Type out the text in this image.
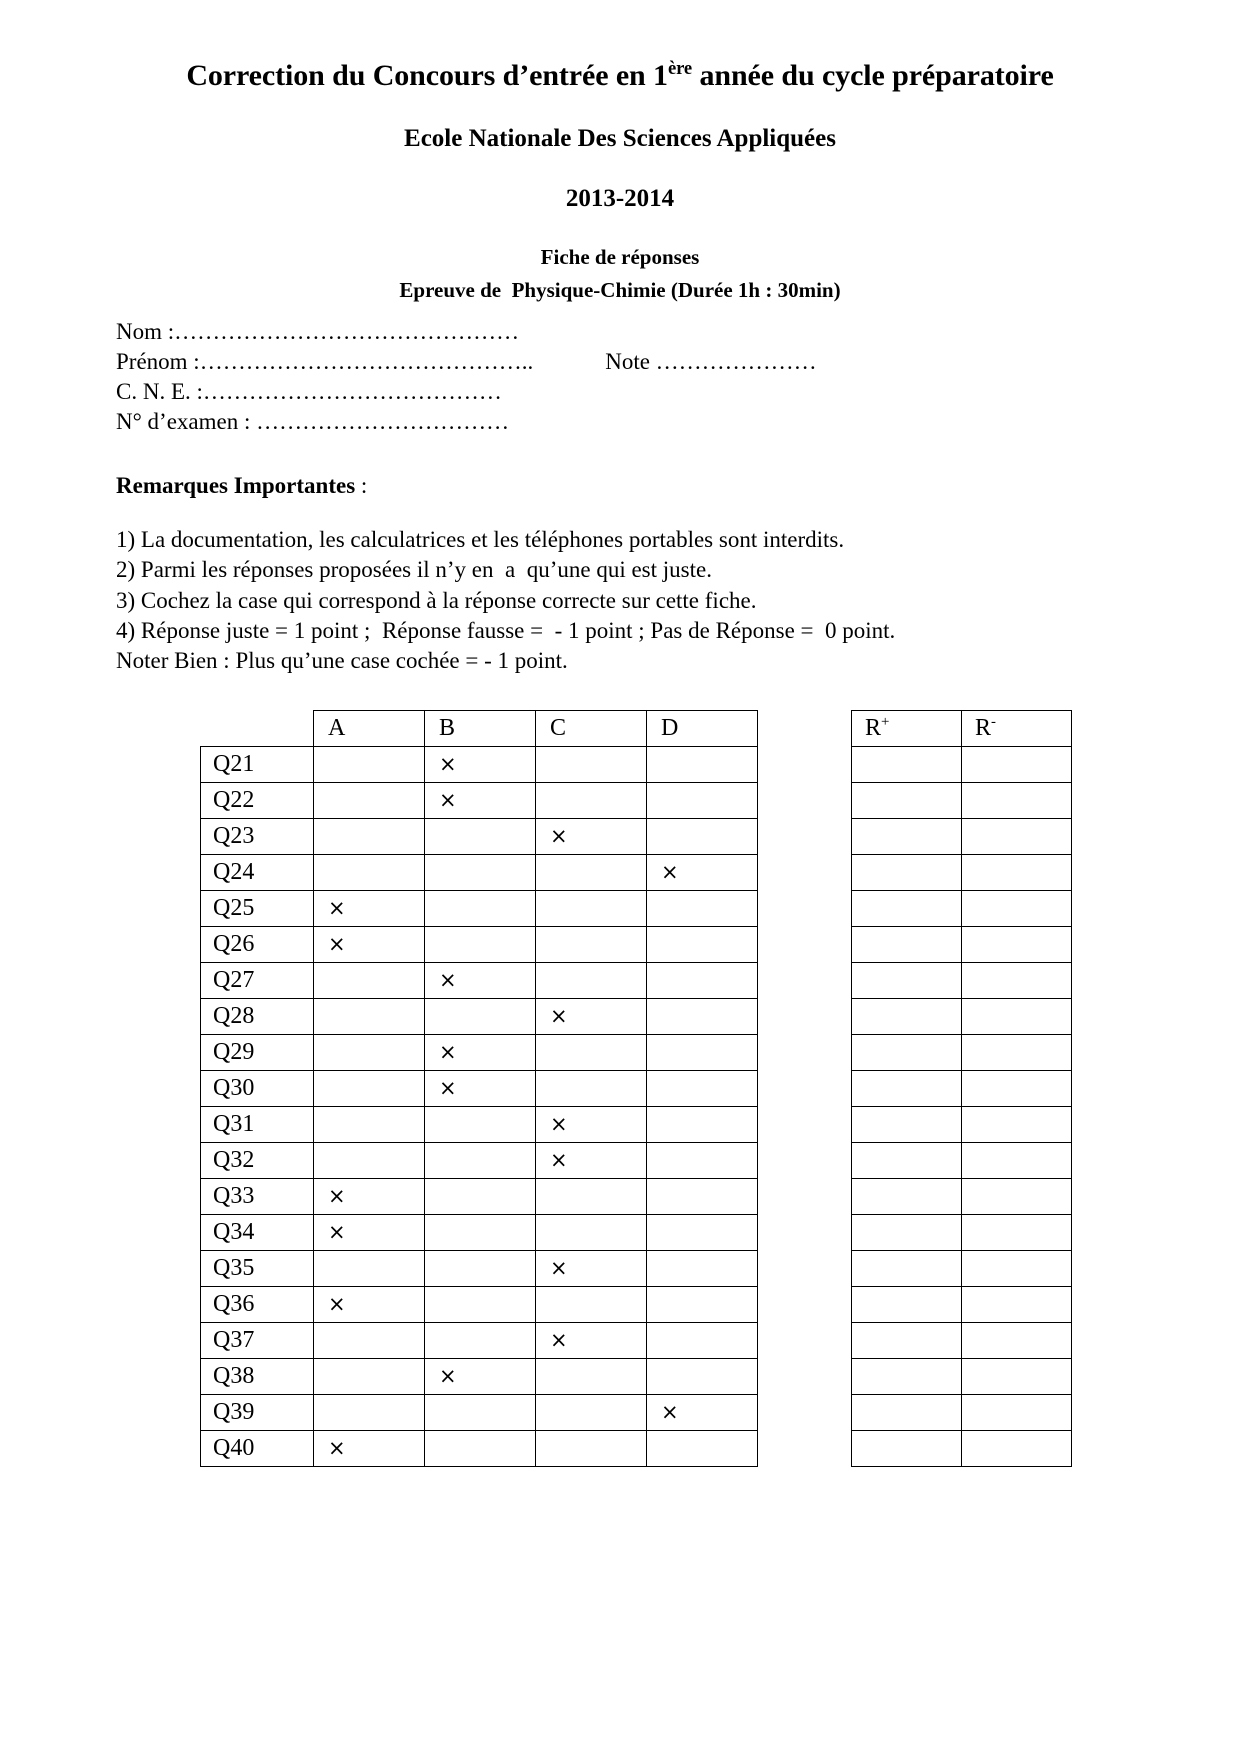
Correction du Concours d’entrée en 1ère année du cycle préparatoire
Ecole Nationale Des Sciences Appliquées
2013-2014
Fiche de réponses
Epreuve de  Physique-Chimie (Durée 1h : 30min)
Nom :………………………………………
Prénom :……………………………………..	Note …………………
C. N. E. :…………………………………
N° d’examen : ……………………………

Remarques Importantes :

1) La documentation, les calculatrices et les téléphones portables sont interdits.
2) Parmi les réponses proposées il n’y en  a  qu’une qui est juste.
3) Cochez la case qui correspond à la réponse correcte sur cette fiche.
4) Réponse juste = 1 point ;  Réponse fausse =  - 1 point ; Pas de Réponse =  0 point.
Noter Bien : Plus qu’une case cochée = - 1 point.
	A	B	C	D
Q21		×		
Q22		×		
Q23			×	
Q24				×
Q25	×			
Q26	×			
Q27		×		
Q28			×	
Q29		×		
Q30		×		
Q31			×	
Q32			×	
Q33	×			
Q34	×			
Q35			×	
Q36	×			
Q37			×	
Q38		×		
Q39				×
Q40	×			
R+	R-
